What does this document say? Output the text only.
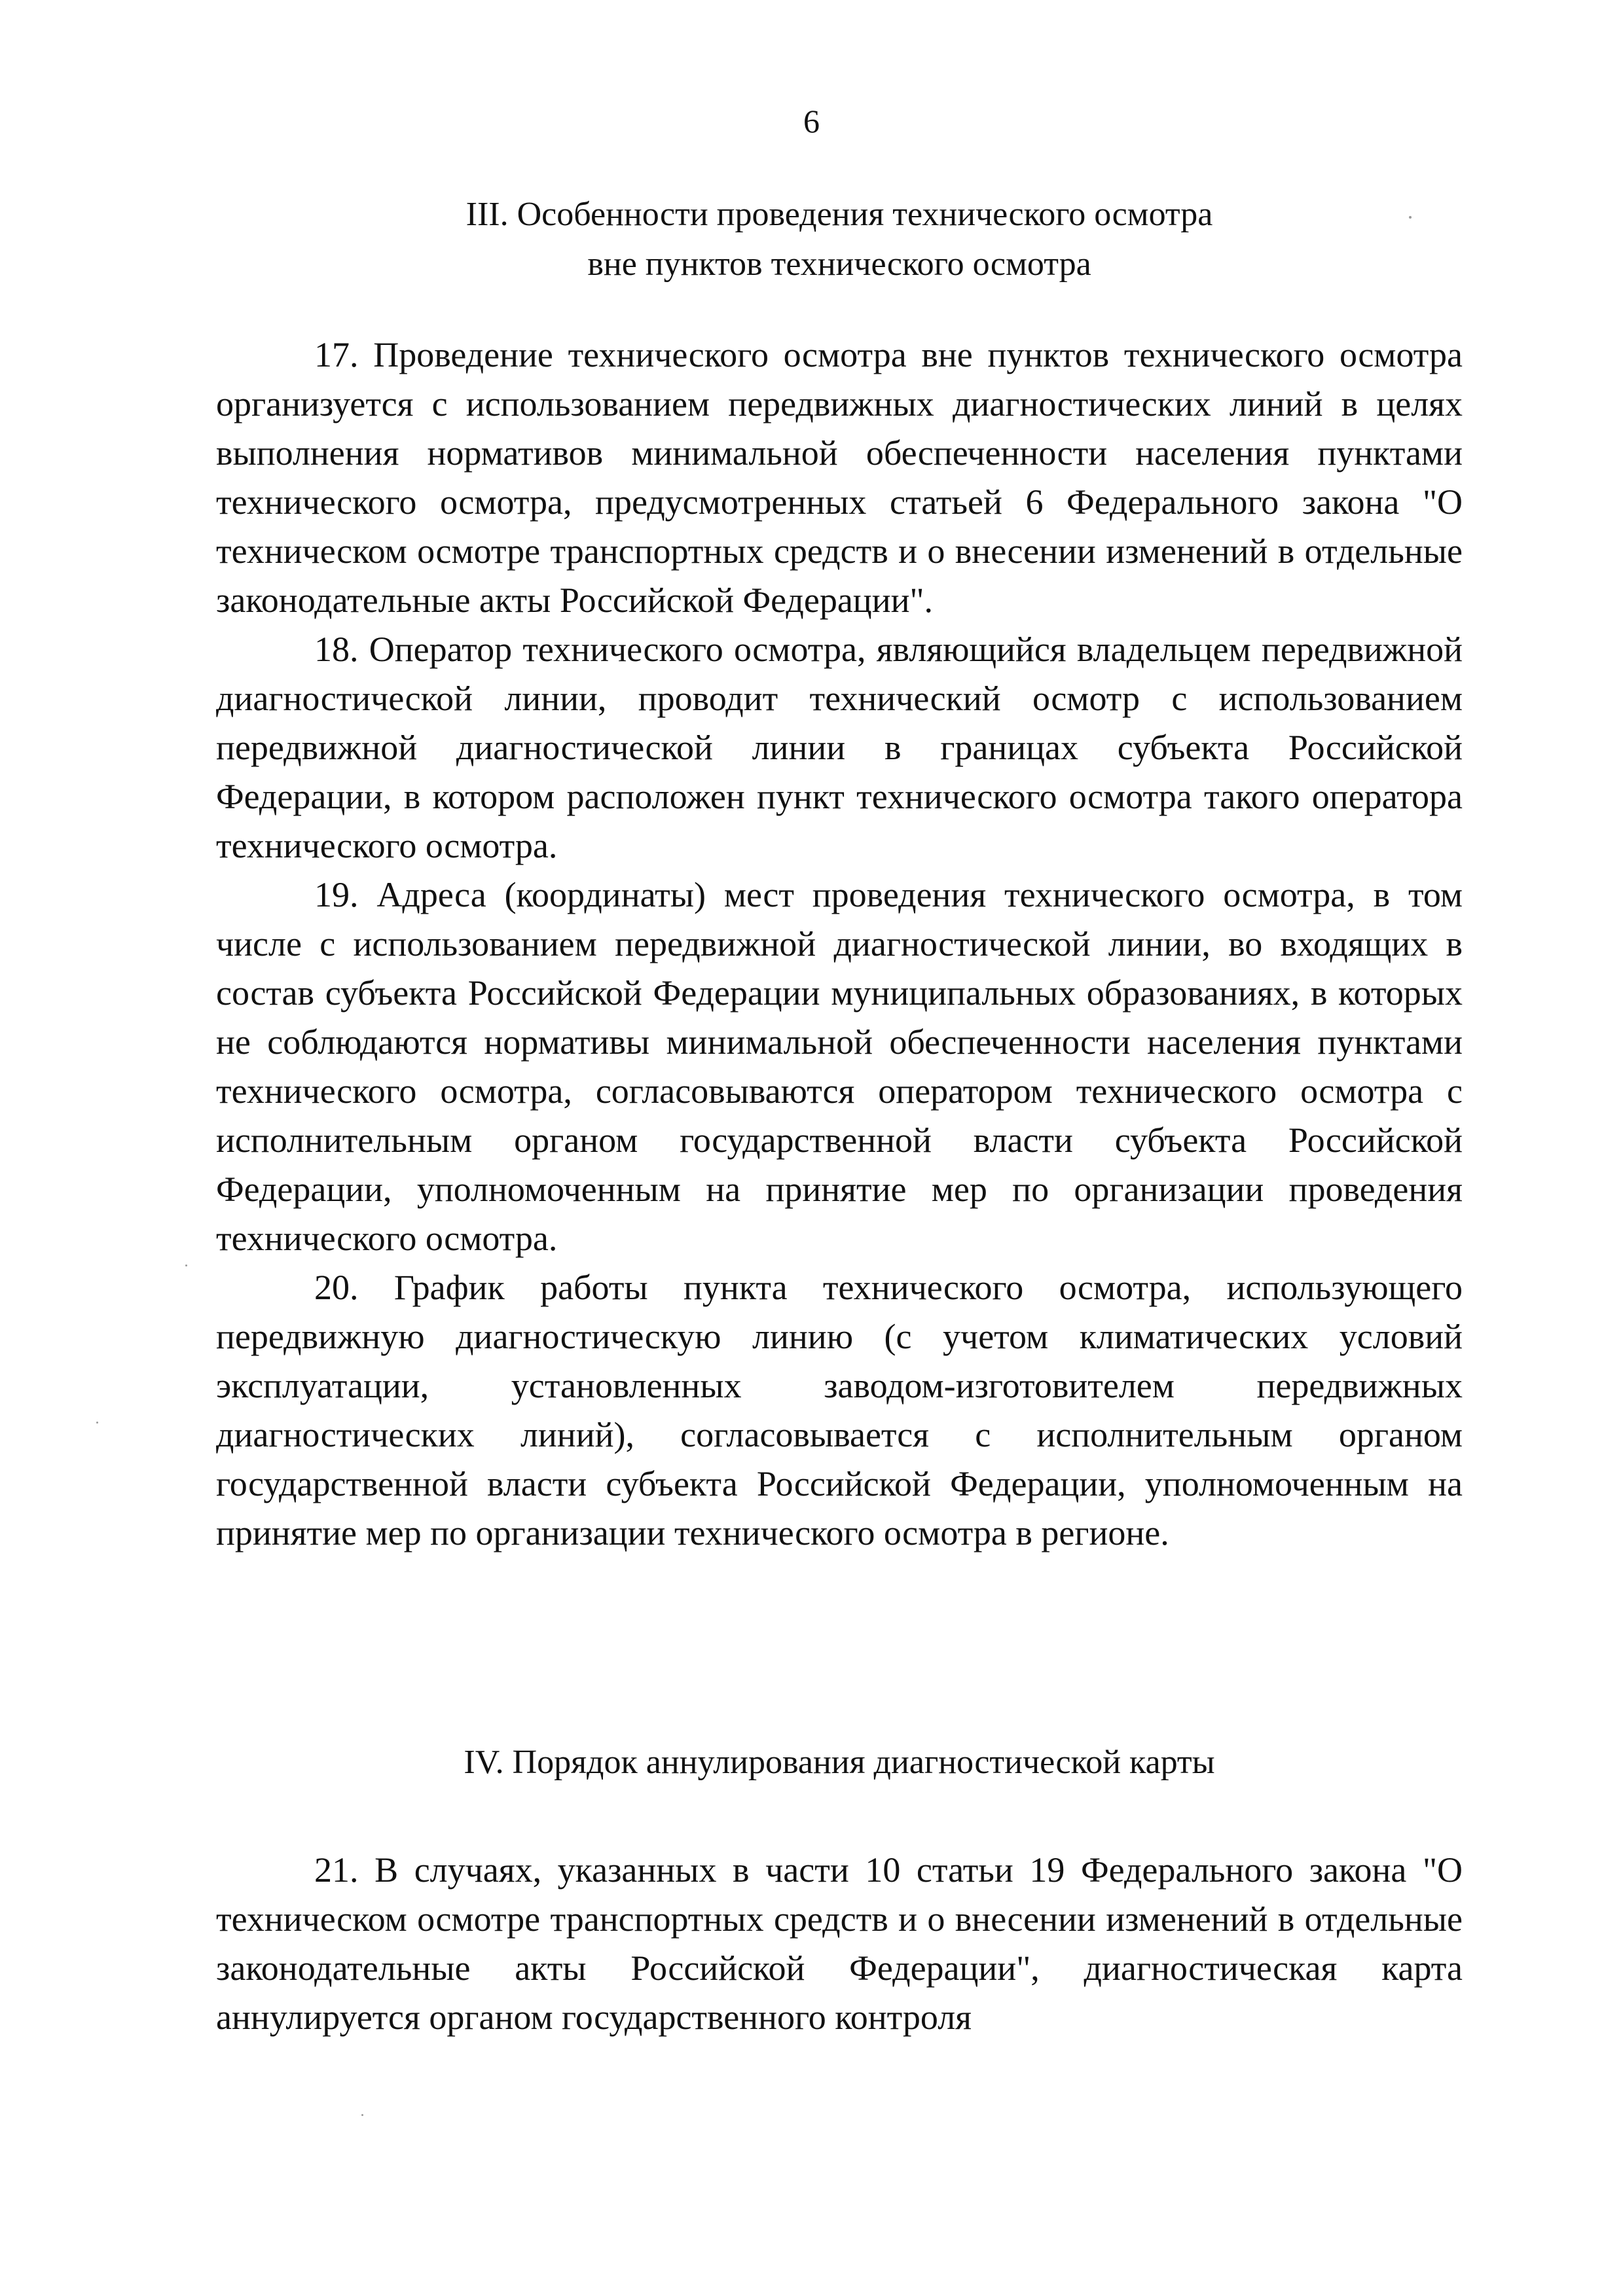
6
III. Особенности проведения технического осмотра
вне пунктов технического осмотра

17. Проведение технического осмотра вне пунктов технического осмотра организуется с использованием передвижных диагностических линий в целях выполнения нормативов минимальной обеспеченности населения пунктами технического осмотра, предусмотренных статьей 6 Федерального закона "О техническом осмотре транспортных средств и о внесении изменений в отдельные законодательные акты Российской Федерации".

18. Оператор технического осмотра, являющийся владельцем передвижной диагностической линии, проводит технический осмотр с использованием передвижной диагностической линии в границах субъекта Российской Федерации, в котором расположен пункт технического осмотра такого оператора технического осмотра.

19. Адреса (координаты) мест проведения технического осмотра, в том числе с использованием передвижной диагностической линии, во входящих в состав субъекта Российской Федерации муниципальных образованиях, в которых не соблюдаются нормативы минимальной обеспеченности населения пунктами технического осмотра, согласовываются оператором технического осмотра с исполнительным органом государственной власти субъекта Российской Федерации, уполномоченным на принятие мер по организации проведения технического осмотра.

20. График работы пункта технического осмотра, использующего передвижную диагностическую линию (с учетом климатических условий эксплуатации, установленных заводом-изготовителем передвижных диагностических линий), согласовывается с исполнительным органом государственной власти субъекта Российской Федерации, уполномоченным на принятие мер по организации технического осмотра в регионе.

IV. Порядок аннулирования диагностической карты

21. В случаях, указанных в части 10 статьи 19 Федерального закона "О техническом осмотре транспортных средств и о внесении изменений в отдельные законодательные акты Российской Федерации", диагностическая карта аннулируется органом государственного контроля
